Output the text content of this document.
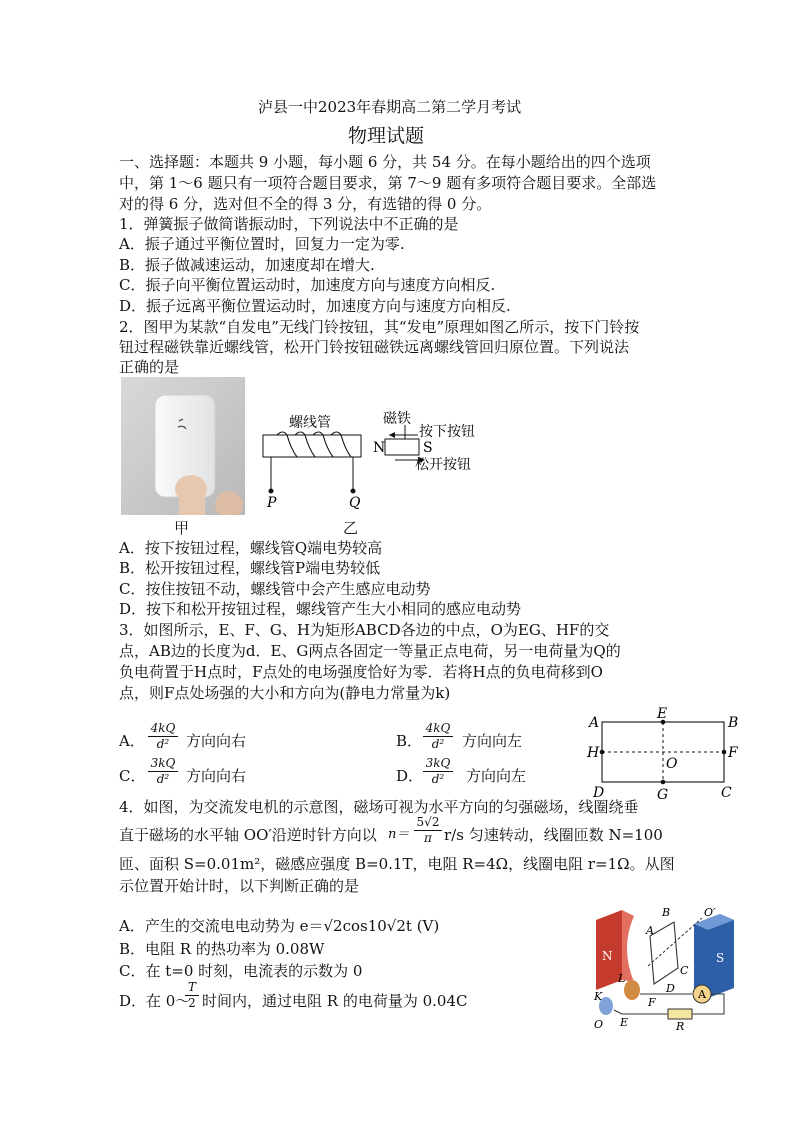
泸县一中2023年春期高二第二学月考试
物理试题
一、选择题：本题共 9 小题，每小题 6 分，共 54 分。在每小题给出的四个选项
中，第 1～6 题只有一项符合题目要求，第 7～9 题有多项符合题目要求。全部选
对的得 6 分，选对但不全的得 3 分，有选错的得 0 分。
1．弹簧振子做简谐振动时，下列说法中不正确的是
A．振子通过平衡位置时，回复力一定为零.
B．振子做减速运动，加速度却在增大.
C．振子向平衡位置运动时，加速度方向与速度方向相反.
D．振子远离平衡位置运动时，加速度方向与速度方向相反.
2．图甲为某款“自发电”无线门铃按钮，其“发电”原理如图乙所示，按下门铃按
钮过程磁铁靠近螺线管，松开门铃按钮磁铁远离螺线管回归原位置。下列说法
正确的是
甲
P	Q
螺线管
N	S
磁铁
按下按钮
松开按钮
乙
A．按下按钮过程，螺线管Q端电势较高
B．松开按钮过程，螺线管P端电势较低
C．按住按钮不动，螺线管中会产生感应电动势
D．按下和松开按钮过程，螺线管产生大小相同的感应电动势
3．如图所示，E、F、G、H为矩形ABCD各边的中点，O为EG、HF的交
点，AB边的长度为d．E、G两点各固定一等量正点电荷，另一电荷量为Q的
负电荷置于H点时，F点处的电场强度恰好为零．若将H点的负电荷移到O
点，则F点处场强的大小和方向为(静电力常量为k)
A．
4kQ
d²	方向向右	B．
4kQ
d²	方向向左
C．
3kQ
d²	方向向右	D．
3kQ
d²	方向向左
A	B
C
D
E
F
G
H
O
4．如图，为交流发电机的示意图，磁场可视为水平方向的匀强磁场，线圈绕垂
直于磁场的水平轴 OO′沿逆时针方向以 n＝
5√2
π r/s 匀速转动，线圈匝数 N=100
匝、面积 S=0.01m²，磁感应强度 B=0.1T，电阻 R=4Ω，线圈电阻 r=1Ω。从图
示位置开始计时，以下判断正确的是
A．产生的交流电电动势为 e＝√2cos10√2t (V)
B．电阻 R 的热功率为 0.08W
C．在 t=0 时刻，电流表的示数为 0
D．在 0～
T
2 时间内，通过电阻 R 的电荷量为 0.04C
N	S
B
A
C
D
O′
L
K
O
F
E
A
R
